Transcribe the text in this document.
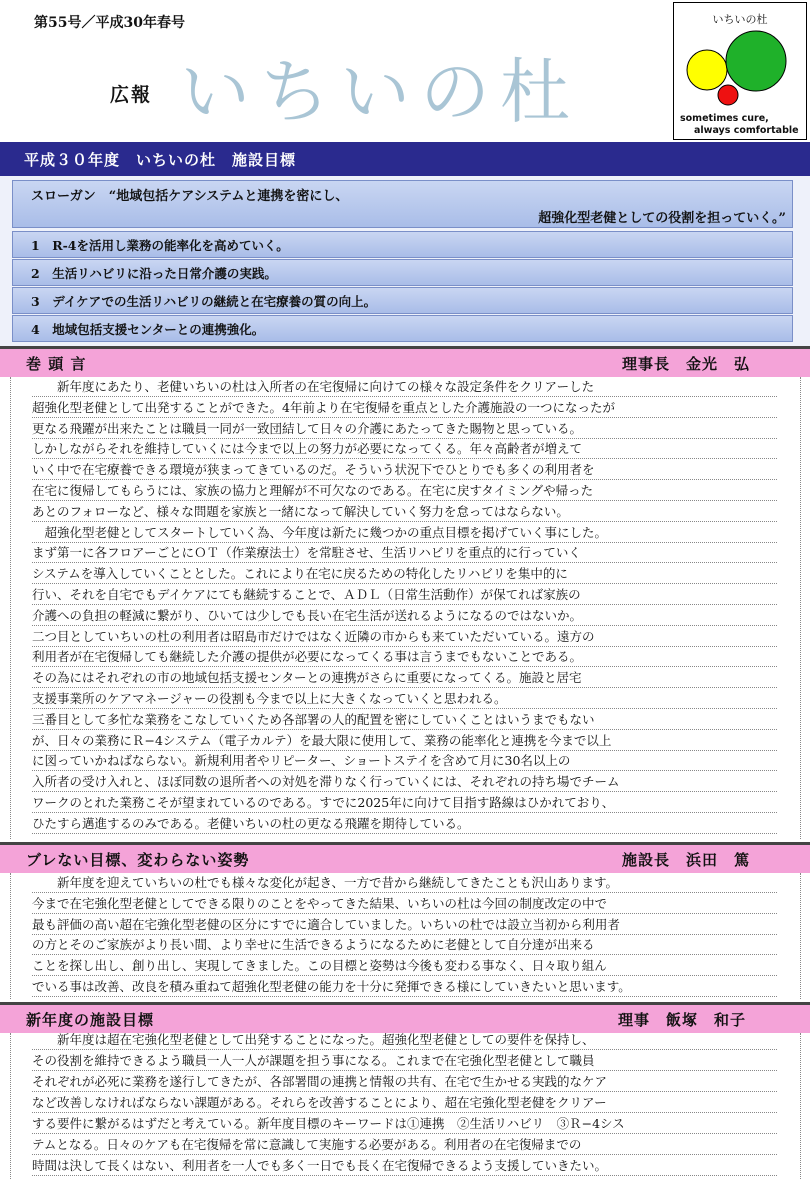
第55号／平成30年春号
広報 いちいの杜
いちいの杜
sometimes cure,
always comfortable
平成３０年度　いちいの杜　施設目標
スローガン　“地域包括ケアシステムと連携を密にし、
超強化型老健としての役割を担っていく。”
1　R-4を活用し業務の能率化を高めていく。
2　生活リハビリに沿った日常介護の実践。
3　デイケアでの生活リハビリの継続と在宅療養の質の向上。
4　地域包括支援センターとの連携強化。
巻 頭 言	理事長　金光　弘
　　新年度にあたり、老健いちいの杜は入所者の在宅復帰に向けての様々な設定条件をクリアーした
超強化型老健として出発することができた。4年前より在宅復帰を重点とした介護施設の一つになったが
更なる飛躍が出来たことは職員一同が一致団結して日々の介護にあたってきた賜物と思っている。
しかしながらそれを維持していくには今まで以上の努力が必要になってくる。年々高齢者が増えて
いく中で在宅療養できる環境が狭まってきているのだ。そういう状況下でひとりでも多くの利用者を
在宅に復帰してもらうには、家族の協力と理解が不可欠なのである。在宅に戻すタイミングや帰った
あとのフォローなど、様々な問題を家族と一緒になって解決していく努力を怠ってはならない。
　超強化型老健としてスタートしていく為、今年度は新たに幾つかの重点目標を掲げていく事にした。
まず第一に各フロアーごとにＯＴ（作業療法士）を常駐させ、生活リハビリを重点的に行っていく
システムを導入していくこととした。これにより在宅に戻るための特化したリハビリを集中的に
行い、それを自宅でもデイケアにても継続することで、ＡＤＬ（日常生活動作）が保てれば家族の
介護への負担の軽減に繋がり、ひいては少しでも長い在宅生活が送れるようになるのではないか。
二つ目としていちいの杜の利用者は昭島市だけではなく近隣の市からも来ていただいている。遠方の
利用者が在宅復帰しても継続した介護の提供が必要になってくる事は言うまでもないことである。
その為にはそれぞれの市の地域包括支援センターとの連携がさらに重要になってくる。施設と居宅
支援事業所のケアマネージャーの役割も今まで以上に大きくなっていくと思われる。
三番目として多忙な業務をこなしていくため各部署の人的配置を密にしていくことはいうまでもない
が、日々の業務にＲ−4システム（電子カルテ）を最大限に使用して、業務の能率化と連携を今まで以上
に図っていかねばならない。新規利用者やリピーター、ショートステイを含めて月に30名以上の
入所者の受け入れと、ほぼ同数の退所者への対処を滞りなく行っていくには、それぞれの持ち場でチーム
ワークのとれた業務こそが望まれているのである。すでに2025年に向けて目指す路線はひかれており、
ひたすら邁進するのみである。老健いちいの杜の更なる飛躍を期待している。
ブレない目標、変わらない姿勢	施設長　浜田　篤
　　新年度を迎えていちいの杜でも様々な変化が起き、一方で昔から継続してきたことも沢山あります。
今まで在宅強化型老健としてできる限りのことをやってきた結果、いちいの杜は今回の制度改定の中で
最も評価の高い超在宅強化型老健の区分にすでに適合していました。いちいの杜では設立当初から利用者
の方とそのご家族がより長い間、より幸せに生活できるようになるために老健として自分達が出来る
ことを探し出し、創り出し、実現してきました。この目標と姿勢は今後も変わる事なく、日々取り組ん
でいる事は改善、改良を積み重ねて超強化型老健の能力を十分に発揮できる様にしていきたいと思います。
新年度の施設目標	理事　飯塚　和子
　　新年度は超在宅強化型老健として出発することになった。超強化型老健としての要件を保持し、
その役割を維持できるよう職員一人一人が課題を担う事になる。これまで在宅強化型老健として職員
それぞれが必死に業務を遂行してきたが、各部署間の連携と情報の共有、在宅で生かせる実践的なケア
など改善しなければならない課題がある。それらを改善することにより、超在宅強化型老健をクリアー
する要件に繋がるはずだと考えている。新年度目標のキーワードは①連携　②生活リハビリ　③Ｒ−4シス
テムとなる。日々のケアも在宅復帰を常に意識して実施する必要がある。利用者の在宅復帰までの
時間は決して長くはない、利用者を一人でも多く一日でも長く在宅復帰できるよう支援していきたい。
